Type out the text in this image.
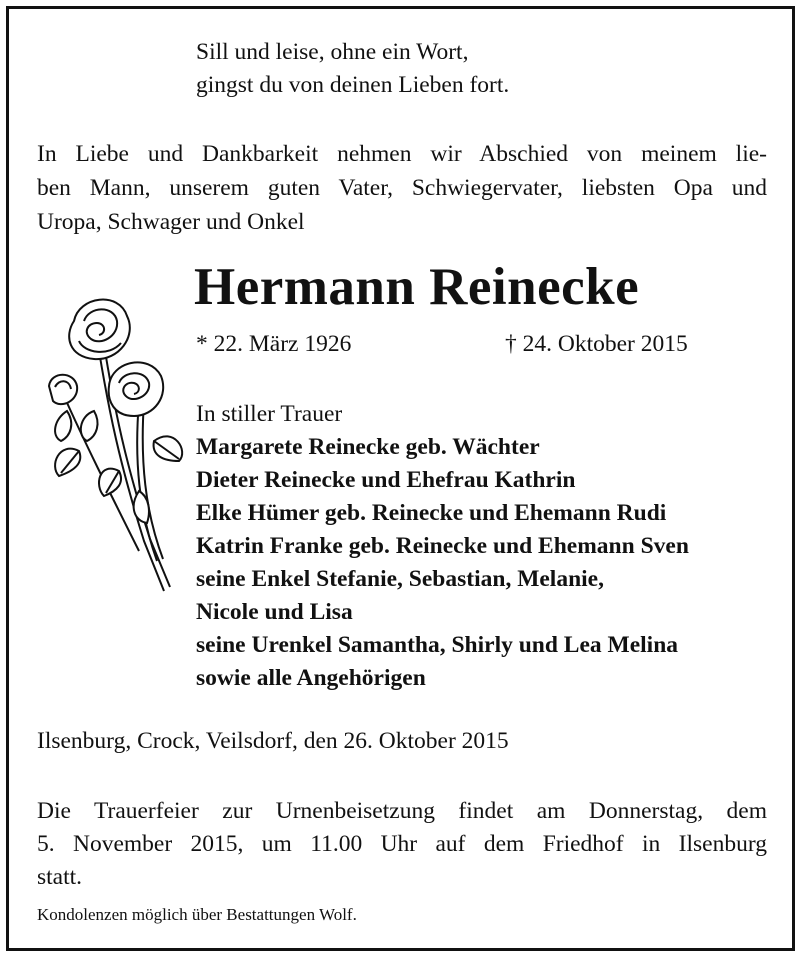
Sill und leise, ohne ein Wort,
gingst du von deinen Lieben fort.
In Liebe und Dankbarkeit nehmen wir Abschied von meinem lie-
ben Mann, unserem guten Vater, Schwiegervater, liebsten Opa und
Uropa, Schwager und Onkel
Hermann Reinecke
* 22. März 1926	† 24. Oktober 2015
In stiller Trauer
Margarete Reinecke geb. Wächter
Dieter Reinecke und Ehefrau Kathrin
Elke Hümer geb. Reinecke und Ehemann Rudi
Katrin Franke geb. Reinecke und Ehemann Sven
seine Enkel Stefanie, Sebastian, Melanie,
Nicole und Lisa
seine Urenkel Samantha, Shirly und Lea Melina
sowie alle Angehörigen
Ilsenburg, Crock, Veilsdorf, den 26. Oktober 2015
Die Trauerfeier zur Urnenbeisetzung findet am Donnerstag, dem
5. November 2015, um 11.00 Uhr auf dem Friedhof in Ilsenburg
statt.
Kondolenzen möglich über Bestattungen Wolf.
